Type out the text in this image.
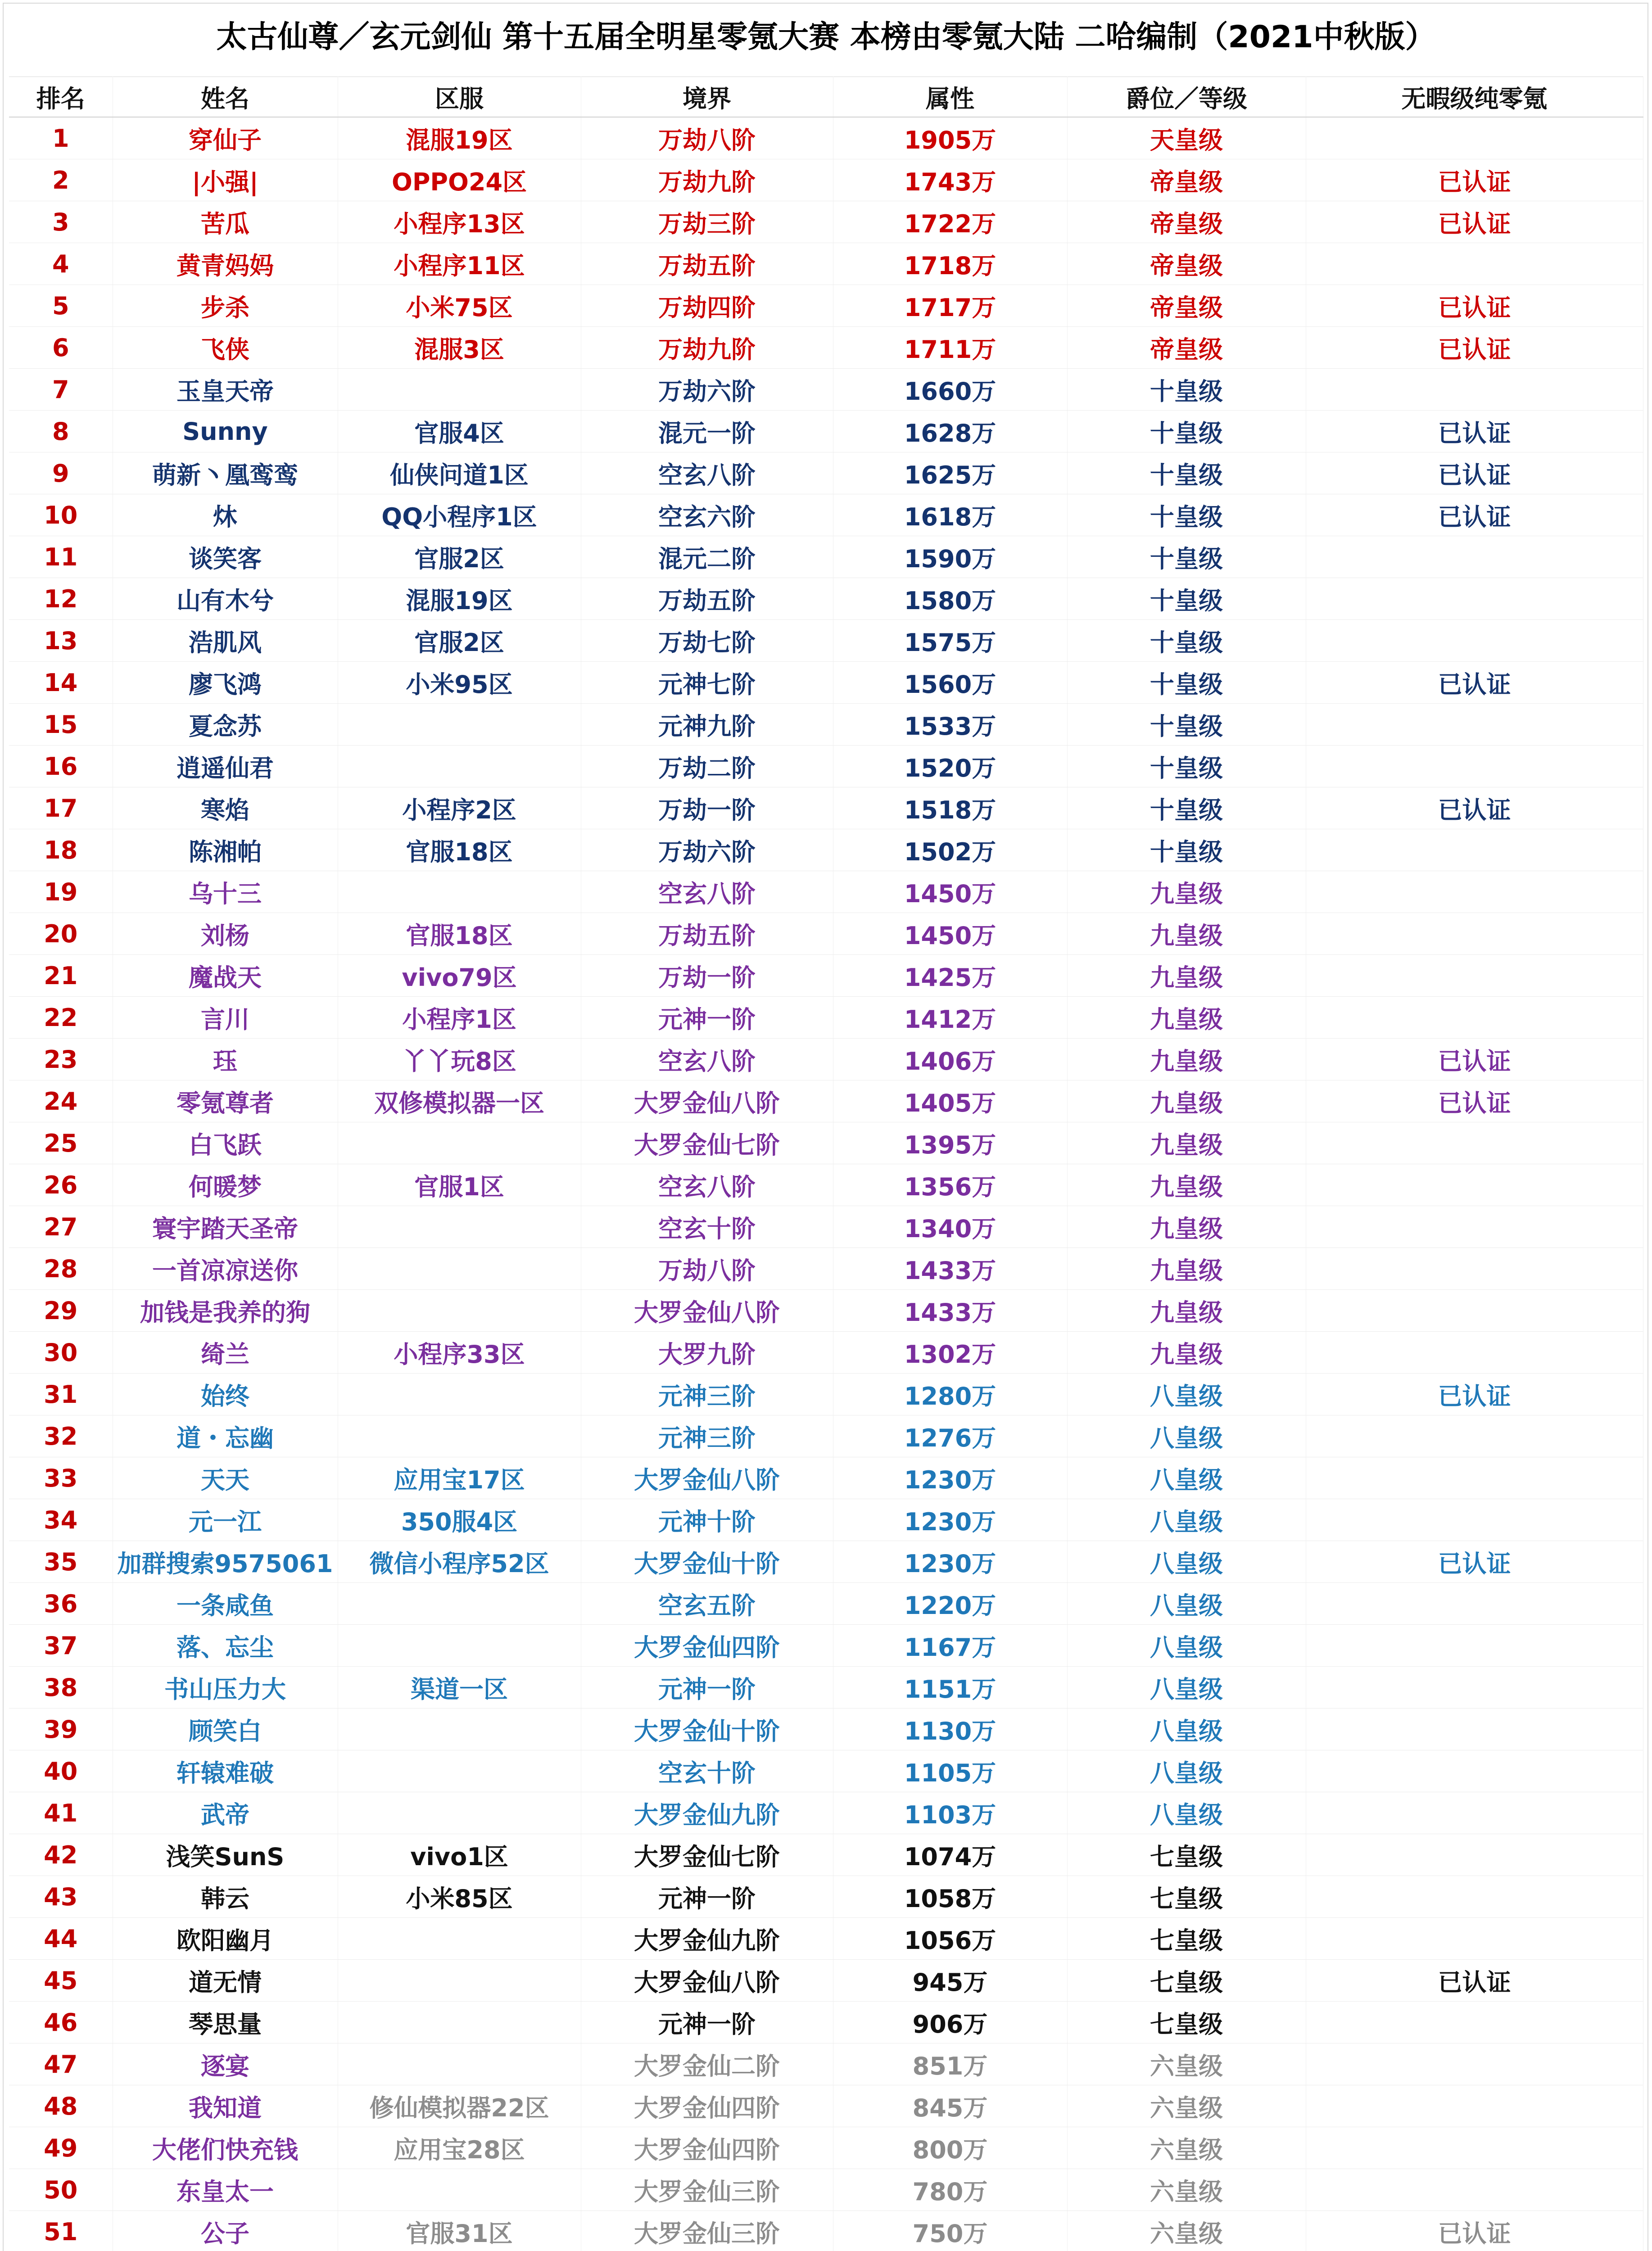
太古仙尊／玄元剑仙 第十五届全明星零氪大赛 本榜由零氪大陆 二哈编制（2021中秋版）
排名	姓名	区服	境界	属性	爵位／等级	无暇级纯零氪
1	穿仙子	混服19区	万劫八阶	1905万	天皇级	
2	|小强|	OPPO24区	万劫九阶	1743万	帝皇级	已认证
3	苦瓜	小程序13区	万劫三阶	1722万	帝皇级	已认证
4	黄青妈妈	小程序11区	万劫五阶	1718万	帝皇级	
5	步杀	小米75区	万劫四阶	1717万	帝皇级	已认证
6	飞侠	混服3区	万劫九阶	1711万	帝皇级	已认证
7	玉皇天帝		万劫六阶	1660万	十皇级	
8	Sunny	官服4区	混元一阶	1628万	十皇级	已认证
9	萌新丶凰鸾鸾	仙侠问道1区	空玄八阶	1625万	十皇级	已认证
10	炑	QQ小程序1区	空玄六阶	1618万	十皇级	已认证
11	谈笑客	官服2区	混元二阶	1590万	十皇级	
12	山有木兮	混服19区	万劫五阶	1580万	十皇级	
13	浩肌风	官服2区	万劫七阶	1575万	十皇级	
14	廖飞鸿	小米95区	元神七阶	1560万	十皇级	已认证
15	夏念苏		元神九阶	1533万	十皇级	
16	逍遥仙君		万劫二阶	1520万	十皇级	
17	寒焰	小程序2区	万劫一阶	1518万	十皇级	已认证
18	陈湘帕	官服18区	万劫六阶	1502万	十皇级	
19	乌十三		空玄八阶	1450万	九皇级	
20	刘杨	官服18区	万劫五阶	1450万	九皇级	
21	魔战天	vivo79区	万劫一阶	1425万	九皇级	
22	言川	小程序1区	元神一阶	1412万	九皇级	
23	珏	丫丫玩8区	空玄八阶	1406万	九皇级	已认证
24	零氪尊者	双修模拟器一区	大罗金仙八阶	1405万	九皇级	已认证
25	白飞跃		大罗金仙七阶	1395万	九皇级	
26	何暖梦	官服1区	空玄八阶	1356万	九皇级	
27	寰宇踏天圣帝		空玄十阶	1340万	九皇级	
28	一首凉凉送你		万劫八阶	1433万	九皇级	
29	加钱是我养的狗		大罗金仙八阶	1433万	九皇级	
30	绮兰	小程序33区	大罗九阶	1302万	九皇级	
31	始终		元神三阶	1280万	八皇级	已认证
32	道・忘幽		元神三阶	1276万	八皇级	
33	天天	应用宝17区	大罗金仙八阶	1230万	八皇级	
34	元一江	350服4区	元神十阶	1230万	八皇级	
35	加群搜索9575061	微信小程序52区	大罗金仙十阶	1230万	八皇级	已认证
36	一条咸鱼		空玄五阶	1220万	八皇级	
37	落、忘尘		大罗金仙四阶	1167万	八皇级	
38	书山压力大	渠道一区	元神一阶	1151万	八皇级	
39	顾笑白		大罗金仙十阶	1130万	八皇级	
40	轩辕难破		空玄十阶	1105万	八皇级	
41	武帝		大罗金仙九阶	1103万	八皇级	
42	浅笑SunS	vivo1区	大罗金仙七阶	1074万	七皇级	
43	韩云	小米85区	元神一阶	1058万	七皇级	
44	欧阳幽月		大罗金仙九阶	1056万	七皇级	
45	道无情		大罗金仙八阶	945万	七皇级	已认证
46	琴思量		元神一阶	906万	七皇级	
47	逐宴		大罗金仙二阶	851万	六皇级	
48	我知道	修仙模拟器22区	大罗金仙四阶	845万	六皇级	
49	大佬们快充钱	应用宝28区	大罗金仙四阶	800万	六皇级	
50	东皇太一		大罗金仙三阶	780万	六皇级	
51	公子	官服31区	大罗金仙三阶	750万	六皇级	已认证
